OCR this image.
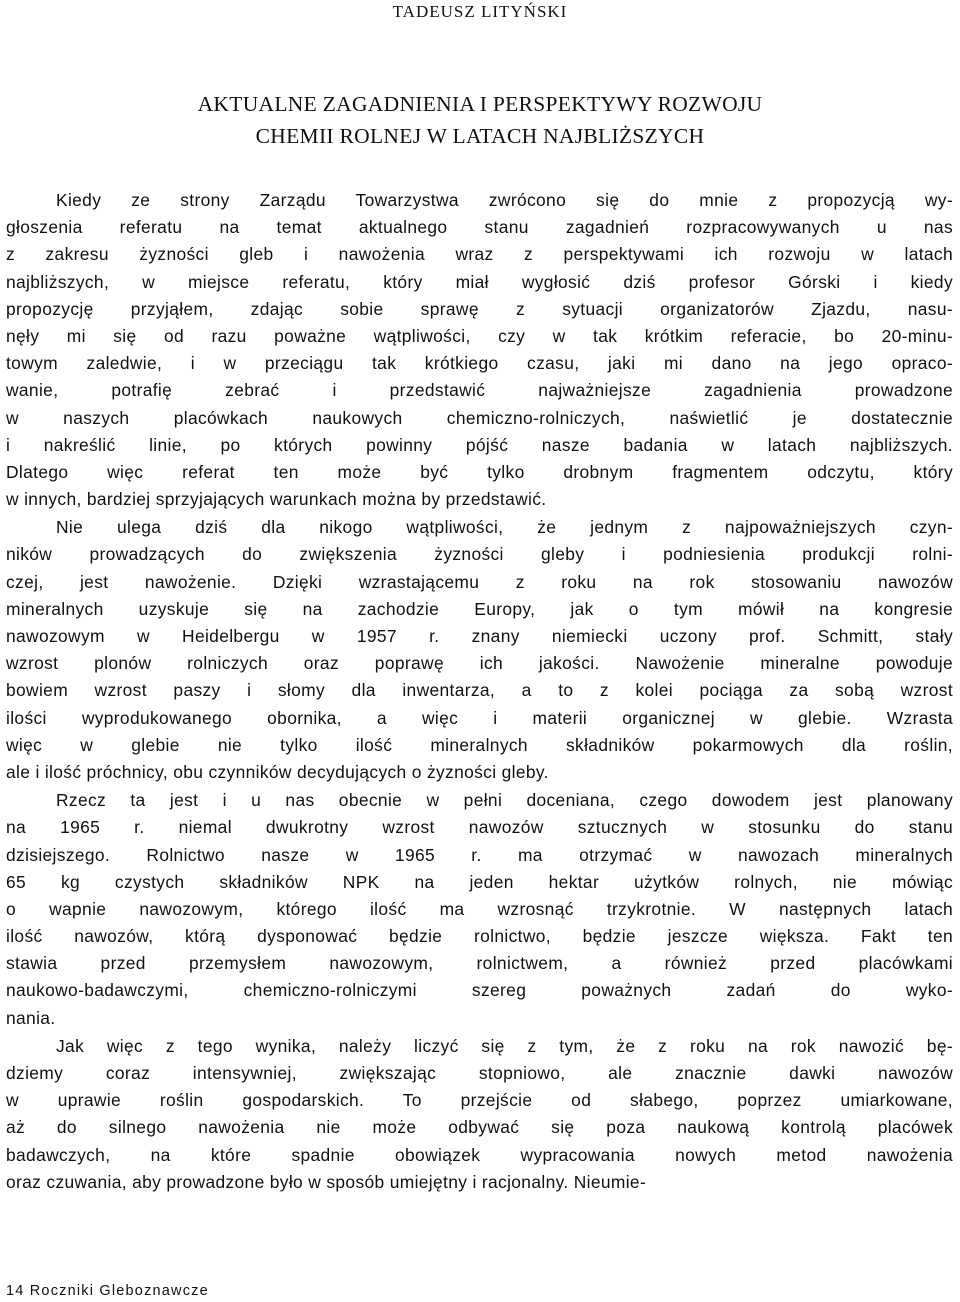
TADEUSZ LITYŃSKI
AKTUALNE ZAGADNIENIA I PERSPEKTYWY ROZWOJU
CHEMII ROLNEJ W LATACH NAJBLIŻSZYCH
Kiedy ze strony Zarządu Towarzystwa zwrócono się do mnie z propozycją wy-
głoszenia referatu na temat aktualnego stanu zagadnień rozpracowywanych u nas
z zakresu żyzności gleb i nawożenia wraz z perspektywami ich rozwoju w latach
najbliższych, w miejsce referatu, który miał wygłosić dziś profesor Górski i kiedy
propozycję przyjąłem, zdając sobie sprawę z sytuacji organizatorów Zjazdu, nasu-
nęły mi się od razu poważne wątpliwości, czy w tak krótkim referacie, bo 20-minu-
towym zaledwie, i w przeciągu tak krótkiego czasu, jaki mi dano na jego opraco-
wanie, potrafię zebrać i przedstawić najważniejsze zagadnienia prowadzone
w naszych placówkach naukowych chemiczno-rolniczych, naświetlić je dostatecznie
i nakreślić linie, po których powinny pójść nasze badania w latach najbliższych.
Dlatego więc referat ten może być tylko drobnym fragmentem odczytu, który
w innych, bardziej sprzyjających warunkach można by przedstawić.
Nie ulega dziś dla nikogo wątpliwości, że jednym z najpoważniejszych czyn-
ników prowadzących do zwiększenia żyzności gleby i podniesienia produkcji rolni-
czej, jest nawożenie. Dzięki wzrastającemu z roku na rok stosowaniu nawozów
mineralnych uzyskuje się na zachodzie Europy, jak o tym mówił na kongresie
nawozowym w Heidelbergu w 1957 r. znany niemiecki uczony prof. Schmitt, stały
wzrost plonów rolniczych oraz poprawę ich jakości. Nawożenie mineralne powoduje
bowiem wzrost paszy i słomy dla inwentarza, a to z kolei pociąga za sobą wzrost
ilości wyprodukowanego obornika, a więc i materii organicznej w glebie. Wzrasta
więc w glebie nie tylko ilość mineralnych składników pokarmowych dla roślin,
ale i ilość próchnicy, obu czynników decydujących o żyzności gleby.
Rzecz ta jest i u nas obecnie w pełni doceniana, czego dowodem jest planowany
na 1965 r. niemal dwukrotny wzrost nawozów sztucznych w stosunku do stanu
dzisiejszego. Rolnictwo nasze w 1965 r. ma otrzymać w nawozach mineralnych
65 kg czystych składników NPK na jeden hektar użytków rolnych, nie mówiąc
o wapnie nawozowym, którego ilość ma wzrosnąć trzykrotnie. W następnych latach
ilość nawozów, którą dysponować będzie rolnictwo, będzie jeszcze większa. Fakt ten
stawia przed przemysłem nawozowym, rolnictwem, a również przed placówkami
naukowo-badawczymi, chemiczno-rolniczymi szereg poważnych zadań do wyko-
nania.
Jak więc z tego wynika, należy liczyć się z tym, że z roku na rok nawozić bę-
dziemy coraz intensywniej, zwiększając stopniowo, ale znacznie dawki nawozów
w uprawie roślin gospodarskich. To przejście od słabego, poprzez umiarkowane,
aż do silnego nawożenia nie może odbywać się poza naukową kontrolą placówek
badawczych, na które spadnie obowiązek wypracowania nowych metod nawożenia
oraz czuwania, aby prowadzone było w sposób umiejętny i racjonalny. Nieumie-
14 Roczniki Gleboznawcze
